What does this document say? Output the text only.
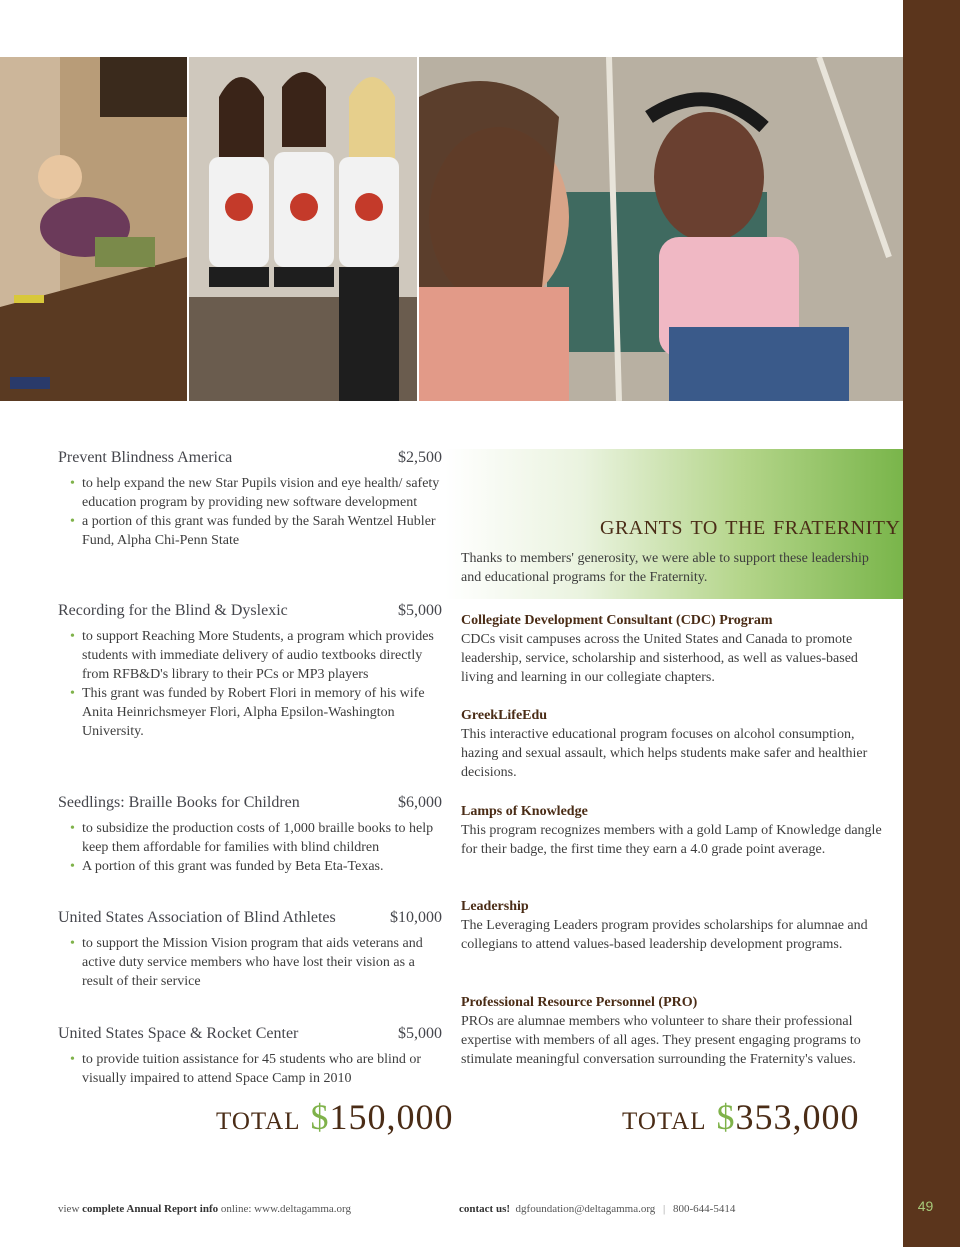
Prevent Blindness America	$2,500
• to help expand the new Star Pupils vision and eye health/ safety education program by providing new software development
• a portion of this grant was funded by the Sarah Wentzel Hubler Fund, Alpha Chi-Penn State
Recording for the Blind & Dyslexic	$5,000
• to support Reaching More Students, a program which provides students with immediate delivery of audio textbooks directly from RFB&D's library to their PCs or MP3 players
• This grant was funded by Robert Flori in memory of his wife Anita Heinrichsmeyer Flori, Alpha Epsilon-Washington University.
Seedlings: Braille Books for Children	$6,000
• to subsidize the production costs of 1,000 braille books to help keep them affordable for families with blind children
• A portion of this grant was funded by Beta Eta-Texas.
United States Association of Blind Athletes	$10,000
• to support the Mission Vision program that aids veterans and active duty service members who have lost their vision as a result of their service
United States Space & Rocket Center	$5,000
• to provide tuition assistance for 45 students who are blind or visually impaired to attend Space Camp in 2010
total $150,000
grants to the fraternity
Thanks to members' generosity, we were able to support these leadership and educational programs for the Fraternity.
Collegiate Development Consultant (CDC) Program
CDCs visit campuses across the United States and Canada to promote leadership, service, scholarship and sisterhood, as well as values-based living and learning in our collegiate chapters.
GreekLifeEdu
This interactive educational program focuses on alcohol consumption, hazing and sexual assault, which helps students make safer and healthier decisions.
Lamps of Knowledge
This program recognizes members with a gold Lamp of Knowledge dangle for their badge, the first time they earn a 4.0 grade point average.
Leadership
The Leveraging Leaders program provides scholarships for alumnae and collegians to attend values-based leadership development programs.
Professional Resource Personnel (PRO)
PROs are alumnae members who volunteer to share their professional expertise with members of all ages. They present engaging programs to stimulate meaningful conversation surrounding the Fraternity's values.
total $353,000
view complete Annual Report info online: www.deltagamma.org	contact us! dgfoundation@deltagamma.org | 800-644-5414	49
